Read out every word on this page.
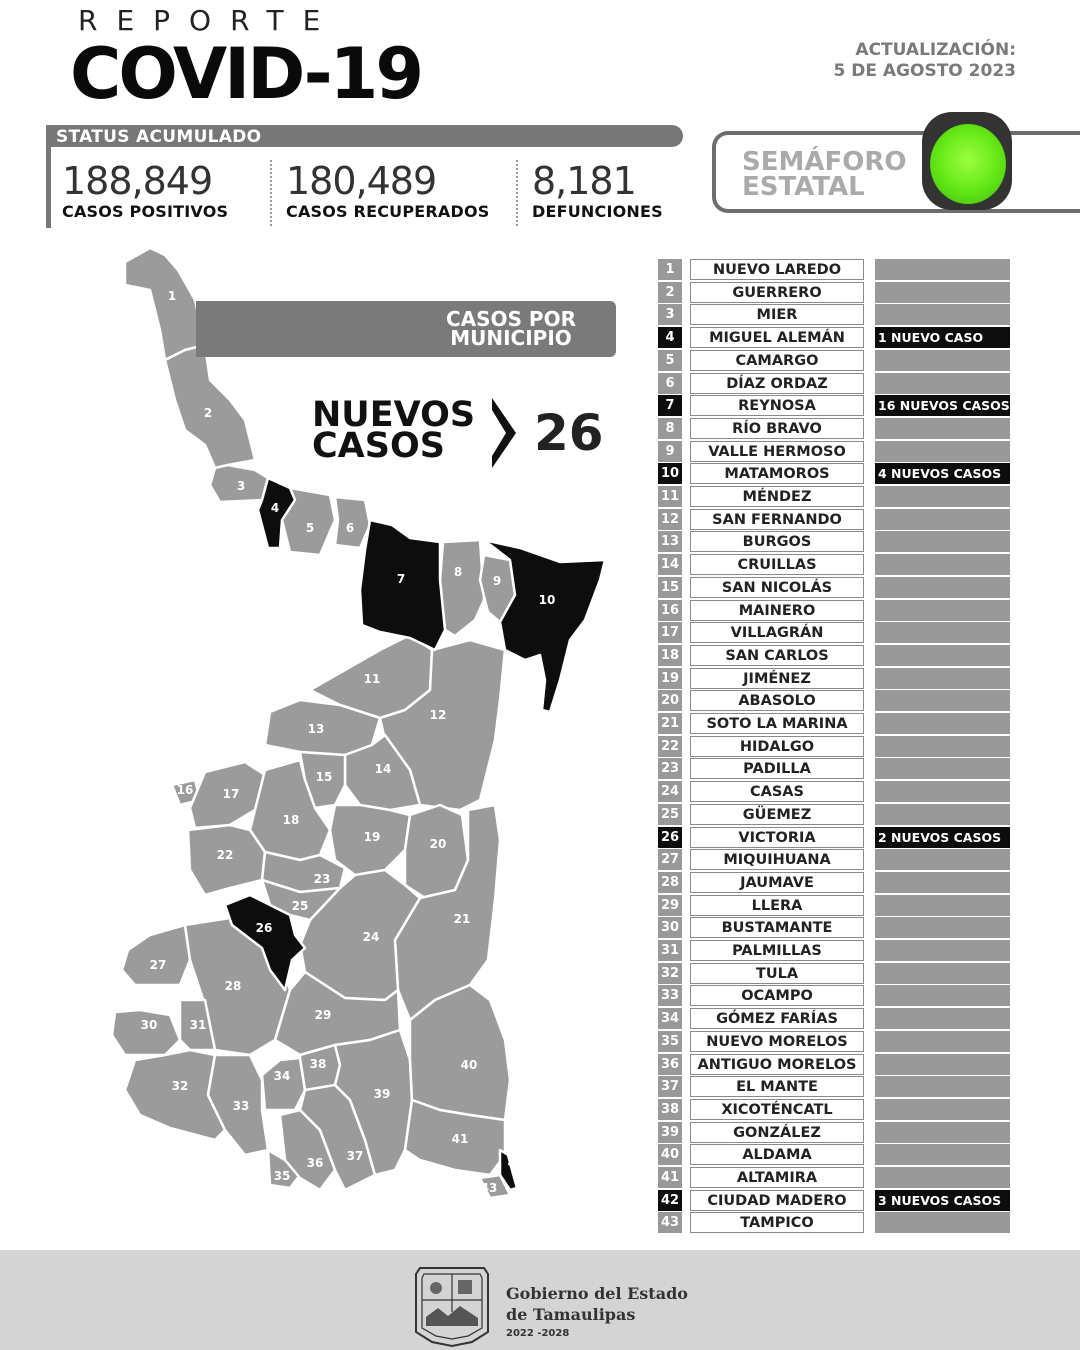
REPORTE
COVID-19	ACTUALIZACIÓN:
5 DE AGOSTO 2023
STATUS ACUMULADO
188,849
CASOS POSITIVOS
180,489
CASOS RECUPERADOS
8,181
DEFUNCIONES
SEMÁFORO
ESTATAL
1
2
3
4
5	6
7	8
9
10
11
12
13
14
15
16 17
18
19	20
21
22
23
24
25
26
27
28
29
30	31
32
33
34
35
36 37
38
39
40
41
42
43
CASOS POR
MUNICIPIO
NUEVOS
CASOS	26
1	NUEVO LAREDO
2	GUERRERO
3	MIER
4	MIGUEL ALEMÁN	1 NUEVO CASO
5	CAMARGO
6	DÍAZ ORDAZ
7	REYNOSA	16 NUEVOS CASOS
8	RÍO BRAVO
9	VALLE HERMOSO
10	MATAMOROS	4 NUEVOS CASOS
11	MÉNDEZ
12	SAN FERNANDO
13	BURGOS
14	CRUILLAS
15	SAN NICOLÁS
16	MAINERO
17	VILLAGRÁN
18	SAN CARLOS
19	JIMÉNEZ
20	ABASOLO
21	SOTO LA MARINA
22	HIDALGO
23	PADILLA
24	CASAS
25	GÜEMEZ
26	VICTORIA	2 NUEVOS CASOS
27	MIQUIHUANA
28	JAUMAVE
29	LLERA
30	BUSTAMANTE
31	PALMILLAS
32	TULA
33	OCAMPO
34	GÓMEZ FARÍAS
35	NUEVO MORELOS
36	ANTIGUO MORELOS
37	EL MANTE
38	XICOTÉNCATL
39	GONZÁLEZ
40	ALDAMA
41	ALTAMIRA
42	CIUDAD MADERO	3 NUEVOS CASOS
43	TAMPICO
Gobierno del Estado
de Tamaulipas
2022 -2028
